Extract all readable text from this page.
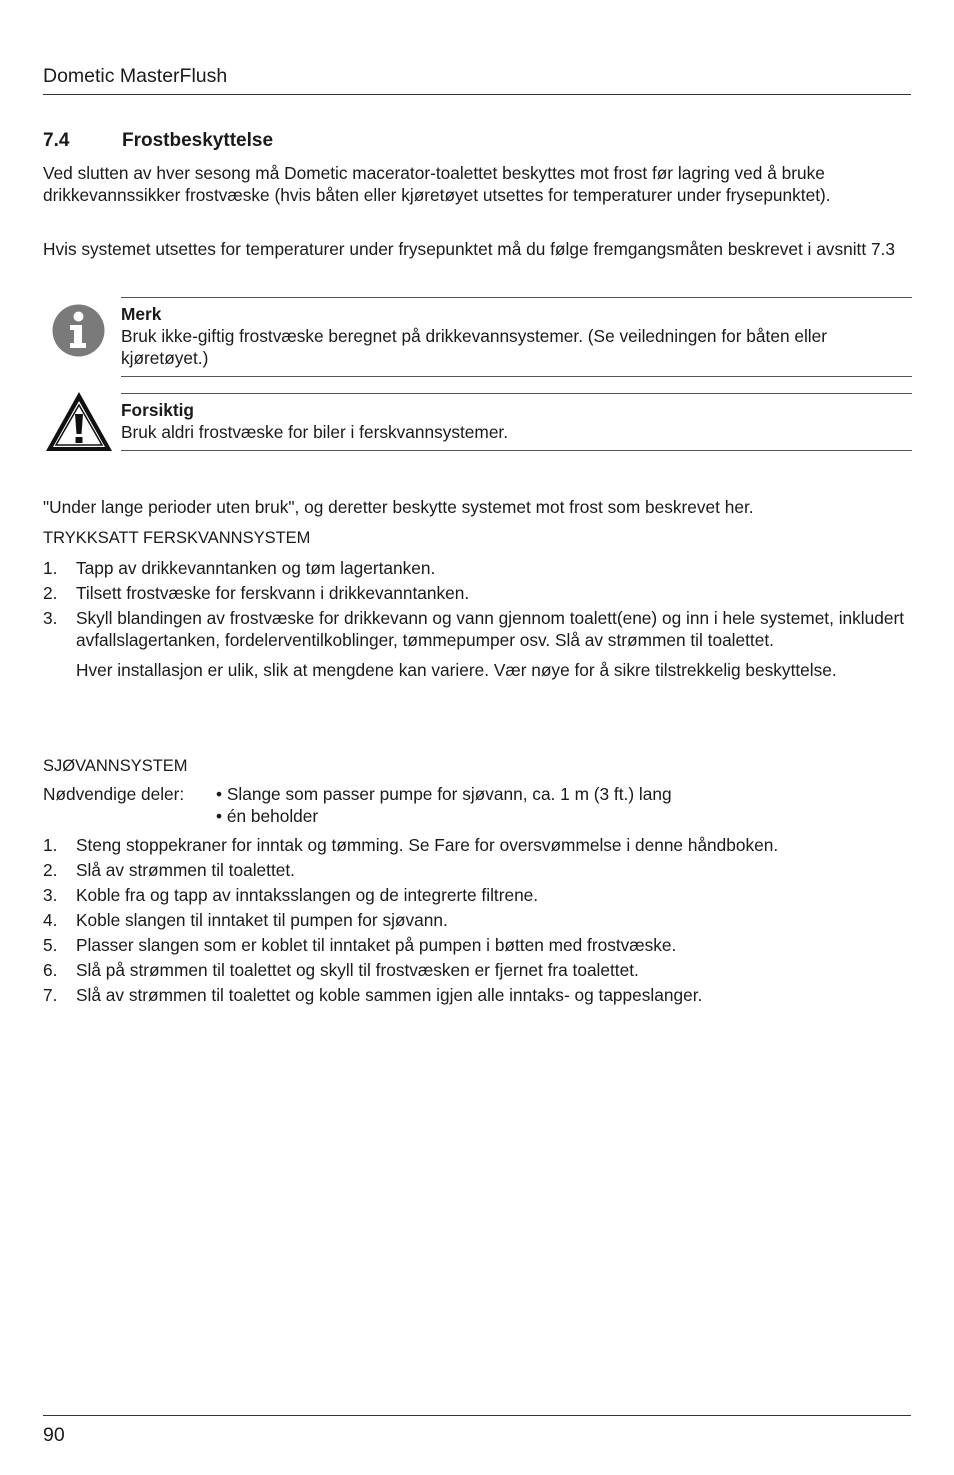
Dometic MasterFlush
7.4	Frostbeskyttelse

Ved slutten av hver sesong må Dometic macerator-toalettet beskyttes mot frost før lagring ved å bruke drikkevannssikker frostvæske (hvis båten eller kjøretøyet utsettes for temperaturer under frysepunktet).

Hvis systemet utsettes for temperaturer under frysepunktet må du følge fremgangsmåten beskrevet i avsnitt 7.3

Merk
Bruk ikke-giftig frostvæske beregnet på drikkevannsystemer. (Se veiledningen for båten eller kjøretøyet.)
Forsiktig
Bruk aldri frostvæske for biler i ferskvannsystemer.

"Under lange perioder uten bruk", og deretter beskytte systemet mot frost som beskrevet her.

TRYKKSATT FERSKVANNSYSTEM
1. Tapp av drikkevanntanken og tøm lagertanken.
2. Tilsett frostvæske for ferskvann i drikkevanntanken.
3. Skyll blandingen av frostvæske for drikkevann og vann gjennom toalett(ene) og inn i hele systemet, inkludert avfallslagertanken, fordelerventilkoblinger, tømmepumper osv. Slå av strømmen til toalettet.
Hver installasjon er ulik, slik at mengdene kan variere. Vær nøye for å sikre tilstrekkelig beskyttelse.
SJØVANNSYSTEM
Nødvendige deler: • Slange som passer pumpe for sjøvann, ca. 1 m (3 ft.) lang
• én beholder
1. Steng stoppekraner for inntak og tømming. Se Fare for oversvømmelse i denne håndboken.
2. Slå av strømmen til toalettet.
3. Koble fra og tapp av inntaksslangen og de integrerte filtrene.
4. Koble slangen til inntaket til pumpen for sjøvann.
5. Plasser slangen som er koblet til inntaket på pumpen i bøtten med frostvæske.
6. Slå på strømmen til toalettet og skyll til frostvæsken er fjernet fra toalettet.
7. Slå av strømmen til toalettet og koble sammen igjen alle inntaks- og tappeslanger.
90
